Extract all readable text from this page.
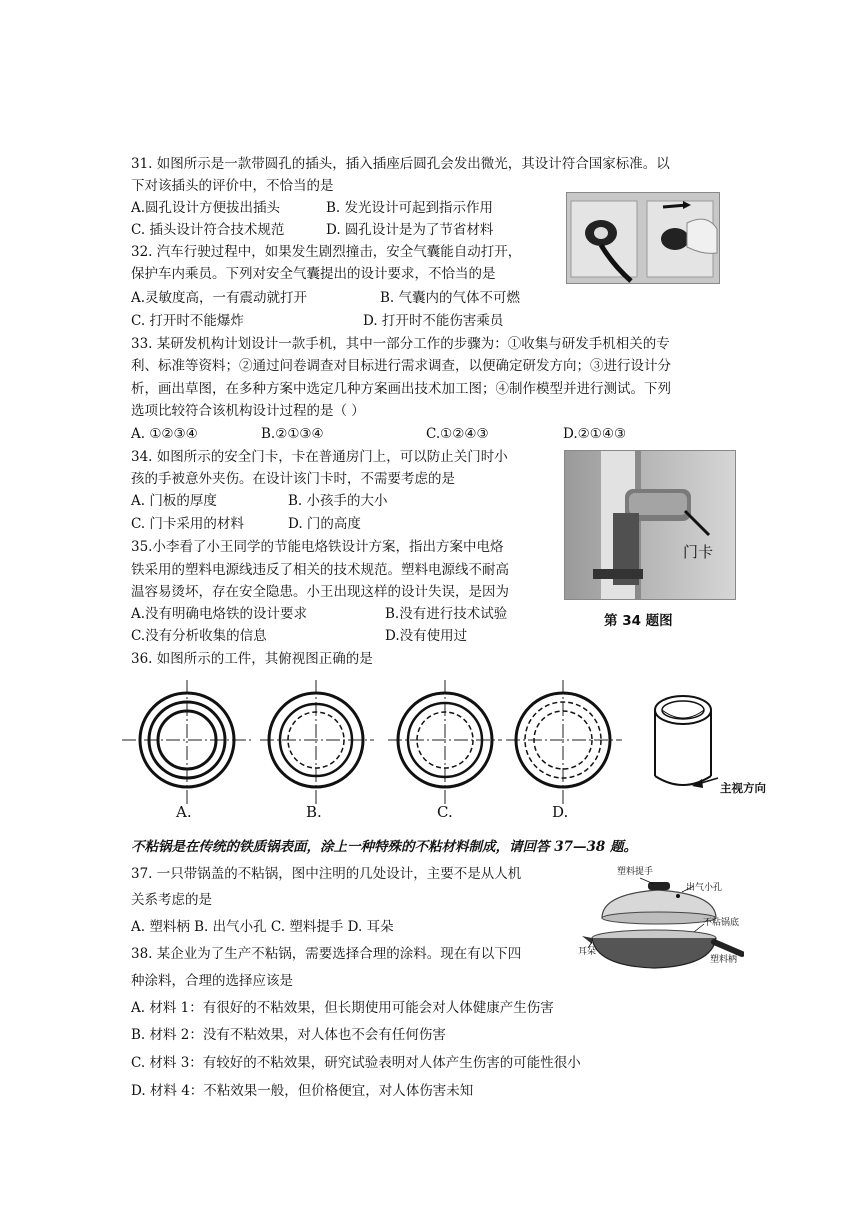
31. 如图所示是一款带圆孔的插头，插入插座后圆孔会发出微光，其设计符合国家标准。以
下对该插头的评价中，不恰当的是
A.圆孔设计方便拔出插头	B. 发光设计可起到指示作用
C. 插头设计符合技术规范	D. 圆孔设计是为了节省材料
32. 汽车行驶过程中，如果发生剧烈撞击，安全气囊能自动打开，
保护车内乘员。下列对安全气囊提出的设计要求，不恰当的是
A.灵敏度高，一有震动就打开	B. 气囊内的气体不可燃
C. 打开时不能爆炸	D. 打开时不能伤害乘员
33. 某研发机构计划设计一款手机，其中一部分工作的步骤为：①收集与研发手机相关的专
利、标准等资料；②通过问卷调查对目标进行需求调查，以便确定研发方向；③进行设计分
析，画出草图，在多种方案中选定几种方案画出技术加工图；④制作模型并进行测试。下列
选项比较符合该机构设计过程的是（ ）
A. ①②③④	B.②①③④	C.①②④③	D.②①④③
34. 如图所示的安全门卡，卡在普通房门上，可以防止关门时小
孩的手被意外夹伤。在设计该门卡时，不需要考虑的是
A. 门板的厚度	B. 小孩手的大小
C. 门卡采用的材料	D. 门的高度
门卡
第 34 题图
35.小李看了小王同学的节能电烙铁设计方案，指出方案中电烙
铁采用的塑料电源线违反了相关的技术规范。塑料电源线不耐高
温容易烫坏，存在安全隐患。小王出现这样的设计失误，是因为
A.没有明确电烙铁的设计要求	B.没有进行技术试验
C.没有分析收集的信息	D.没有使用过
36. 如图所示的工件，其俯视图正确的是
A.	B.	C.	D.
主视方向
不粘锅是在传统的铁质锅表面，涂上一种特殊的不粘材料制成，请回答 37—38 题。
37. 一只带锅盖的不粘锅，图中注明的几处设计，主要不是从人机
关系考虑的是
A. 塑料柄 B. 出气小孔 C. 塑料提手 D. 耳朵
塑料提手
出气小孔
不粘锅底
耳朵
塑料柄
38. 某企业为了生产不粘锅，需要选择合理的涂料。现在有以下四
种涂料，合理的选择应该是
A. 材料 1：有很好的不粘效果，但长期使用可能会对人体健康产生伤害
B. 材料 2：没有不粘效果，对人体也不会有任何伤害
C. 材料 3：有较好的不粘效果，研究试验表明对人体产生伤害的可能性很小
D. 材料 4：不粘效果一般，但价格便宜，对人体伤害未知
